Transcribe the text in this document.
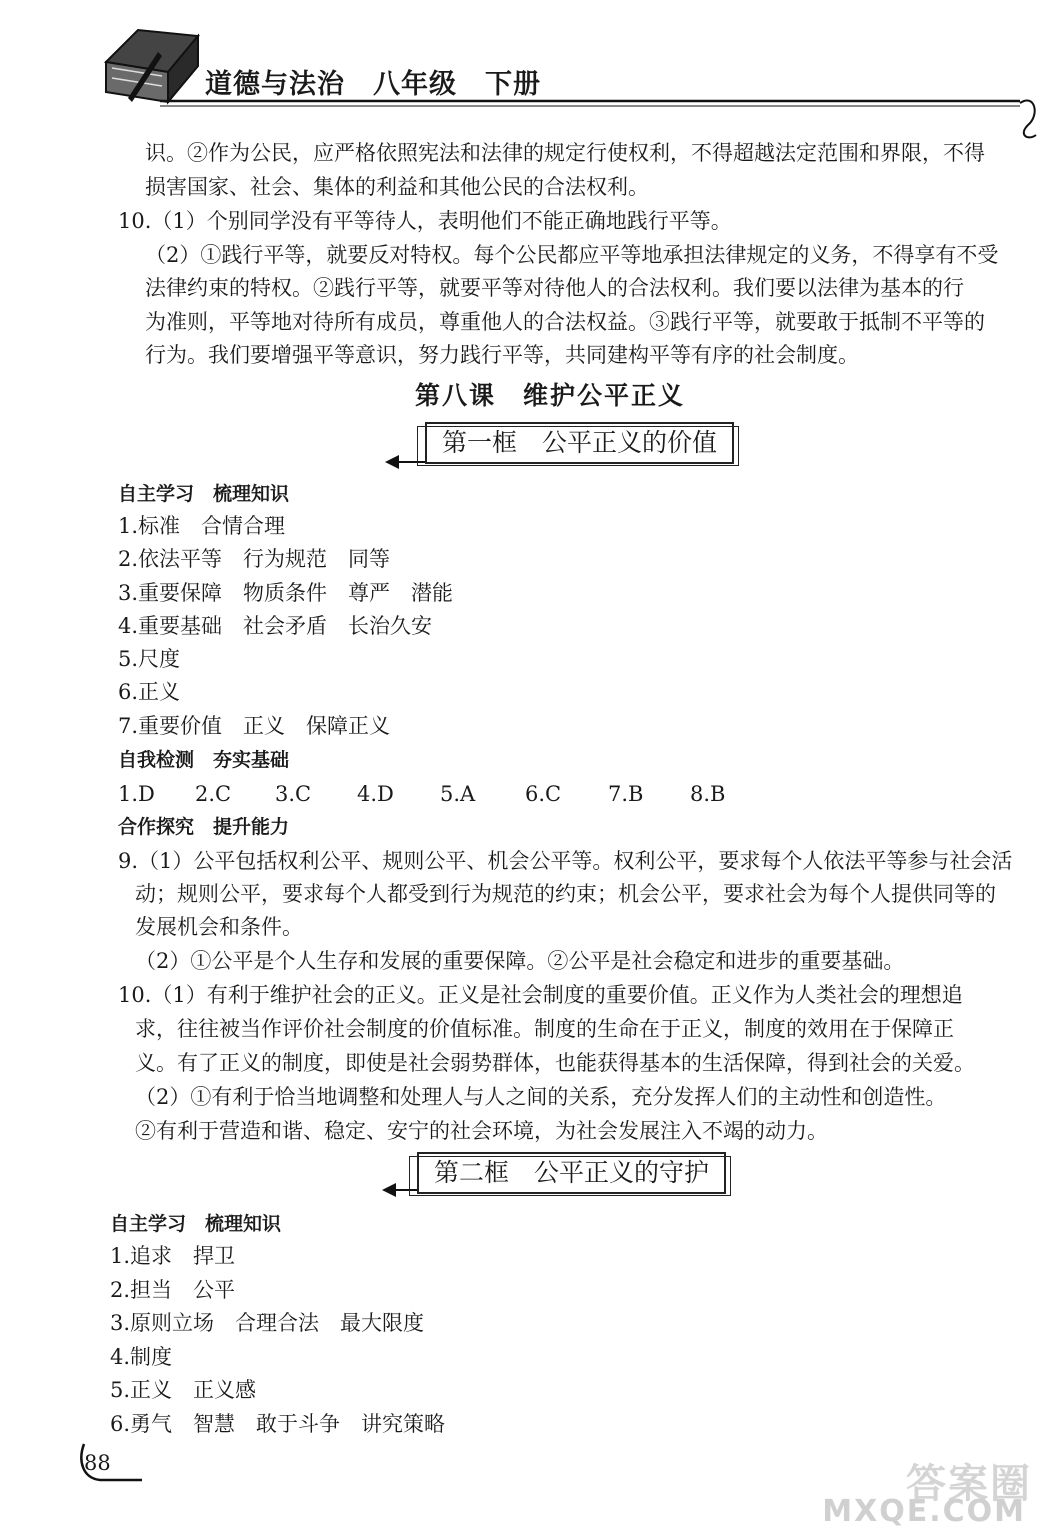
道德与法治　八年级　下册
识。②作为公民，应严格依照宪法和法律的规定行使权利，不得超越法定范围和界限，不得
损害国家、社会、集体的利益和其他公民的合法权利。
10.（1）个别同学没有平等待人，表明他们不能正确地践行平等。
（2）①践行平等，就要反对特权。每个公民都应平等地承担法律规定的义务，不得享有不受
法律约束的特权。②践行平等，就要平等对待他人的合法权利。我们要以法律为基本的行
为准则，平等地对待所有成员，尊重他人的合法权益。③践行平等，就要敢于抵制不平等的
行为。我们要增强平等意识，努力践行平等，共同建构平等有序的社会制度。
第八课　维护公平正义
第一框　公平正义的价值
自主学习　梳理知识
1.标准　合情合理
2.依法平等　行为规范　同等
3.重要保障　物质条件　尊严　潜能
4.重要基础　社会矛盾　长治久安
5.尺度
6.正义
7.重要价值　正义　保障正义
自我检测　夯实基础
1.D 2.C 3.C 4.D 5.A 6.C 7.B 8.B
合作探究　提升能力
9.（1）公平包括权利公平、规则公平、机会公平等。权利公平，要求每个人依法平等参与社会活
动；规则公平，要求每个人都受到行为规范的约束；机会公平，要求社会为每个人提供同等的
发展机会和条件。
（2）①公平是个人生存和发展的重要保障。②公平是社会稳定和进步的重要基础。
10.（1）有利于维护社会的正义。正义是社会制度的重要价值。正义作为人类社会的理想追
求，往往被当作评价社会制度的价值标准。制度的生命在于正义，制度的效用在于保障正
义。有了正义的制度，即使是社会弱势群体，也能获得基本的生活保障，得到社会的关爱。
（2）①有利于恰当地调整和处理人与人之间的关系，充分发挥人们的主动性和创造性。
②有利于营造和谐、稳定、安宁的社会环境，为社会发展注入不竭的动力。
第二框　公平正义的守护
自主学习　梳理知识
1.追求　捍卫
2.担当　公平
3.原则立场　合理合法　最大限度
4.制度
5.正义　正义感
6.勇气　智慧　敢于斗争　讲究策略
88	答案圈
MXQE.COM
